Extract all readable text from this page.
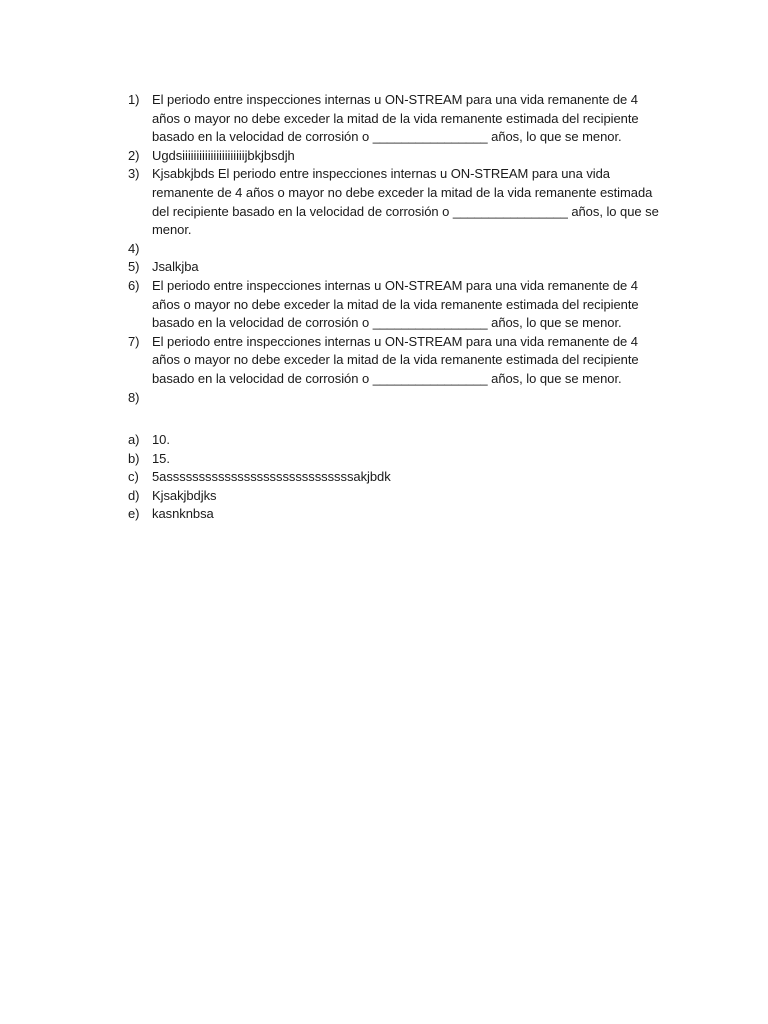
1) El periodo entre inspecciones internas u ON-STREAM para una vida remanente de 4 años o mayor no debe exceder la mitad de la vida remanente estimada del recipiente basado en la velocidad de corrosión o ________________ años, lo que se menor.
2) Ugdsiiiiiiiiiiiiiiiiiiiiiijbkjbsdjh
3) Kjsabkjbds El periodo entre inspecciones internas u ON-STREAM para una vida remanente de 4 años o mayor no debe exceder la mitad de la vida remanente estimada del recipiente basado en la velocidad de corrosión o ________________ años, lo que se menor.
4)
5) Jsalkjba
6) El periodo entre inspecciones internas u ON-STREAM para una vida remanente de 4 años o mayor no debe exceder la mitad de la vida remanente estimada del recipiente basado en la velocidad de corrosión o ________________ años, lo que se menor.
7) El periodo entre inspecciones internas u ON-STREAM para una vida remanente de 4 años o mayor no debe exceder la mitad de la vida remanente estimada del recipiente basado en la velocidad de corrosión o ________________ años, lo que se menor.
8)
a) 10.
b) 15.
c)	5asssssssssssssssssssssssssssssakjbdk
d) Kjsakjbdjks
e) kasnknbsa
